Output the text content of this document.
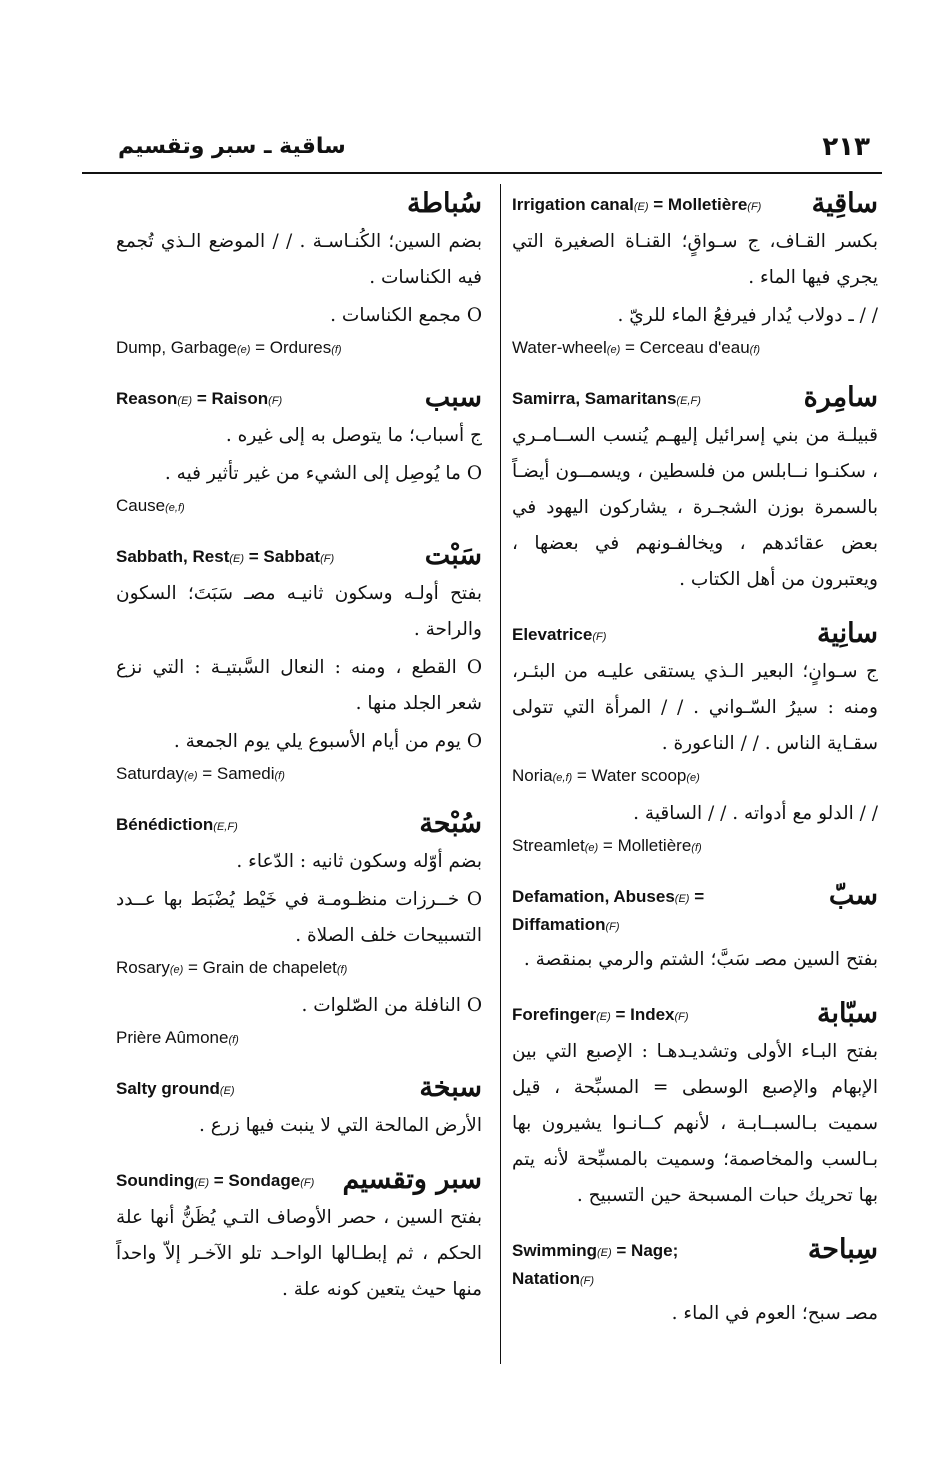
٢١٣
ساقية ـ سبر وتقسيم
ساقِية
Irrigation canal(E) = Molletière(F)

بكسر القـاف، ج سـواقٍ؛ القنـاة الصغيرة التي يجري فيها الماء .

/ / ـ دولاب يُدار فيرفعُ الماء للريّ .

Water-wheel(e) = Cerceau d'eau(f)
سامِرة
Samirra, Samaritans(E,F)

قبيلـة من بني إسرائيل إليهـم يُنسب الســامـري ، سكنـوا نــابلس من فلسطين ، ويسمــون أيضـاً بالسمرة بوزن الشجـرة ، يشاركون اليهود في بعض عقائدهم ، ويخالفـونهم في بعضها ، ويعتبرون من أهل الكتاب .

سانِية
Elevatrice(F)

ج سـوانٍ؛ البعير الـذي يستقى عليـه من البئـر، ومنه : سيرُ السّـواني . / / المرأة التي تتولى سقـاية الناس . / / الناعورة .

Noria(e,f) = Water scoop(e)

/ / الدلو مع أدواته . / / الساقية .

Streamlet(e) = Molletière(f)
سبّ
Defamation, Abuses(E) = Diffamation(F)

بفتح السين مصـ سَبَّ؛ الشتم والرمي بمنقصة .

سبّابة
Forefinger(E) = Index(F)

بفتح البـاء الأولى وتشديـدهـا : الإصبع التي بين الإبهام والإصبع الوسطى = المسبِّحة ، قيل سميت بـالسبــابـة ، لأنهم كــانـوا يشيرون بها بـالسب والمخاصمة؛ وسميت بالمسبِّحة لأنه يتم بها تحريك حبات المسبحة حين التسبيح .

سِباحة
Swimming(E) = Nage; Natation(F)

مصـ سبح؛ العوم في الماء .

سُباطة

بضم السين؛ الكُنـاسـة . / / الموضع الـذي تُجمع فيه الكناسات .

O مجمع الكناسات .

Dump, Garbage(e) = Ordures(f)
سبب
Reason(E) = Raison(F)

ج أسباب؛ ما يتوصل به إلى غيره .

O ما يُوصِل إلى الشيء من غير تأثير فيه .

Cause(e,f)
سَبْت
Sabbath, Rest(E) = Sabbat(F)

بفتح أولـه وسكون ثانيـه مصـ سَبَتَ؛ السكون والراحة .

O القطع ، ومنه : النعال السَّبتيـة : التي نزع شعر الجلد منها .

O يوم من أيام الأسبوع يلي يوم الجمعة .

Saturday(e) = Samedi(f)
سُبْحة
Bénédiction(E,F)

بضم أوّله وسكون ثانيه : الدّعاء .

O خــرزات منظـومـة في خَيْط يُضْبَط بها عــدد التسبيحات خلف الصلاة .

Rosary(e) = Grain de chapelet(f)

O النافلة من الصّلوات .

Prière Aûmone(f)
سبخة
Salty ground(E)

الأرض المالحة التي لا ينبت فيها زرع .

سبر وتقسيم
Sounding(E) = Sondage(F)

بفتح السين ، حصر الأوصاف التـي يُظَنُّ أنها علة الحكم ، ثم إبطـالها الواحـد تلو الآخـر إلاّ واحداً منها حيث يتعين كونه علة .
